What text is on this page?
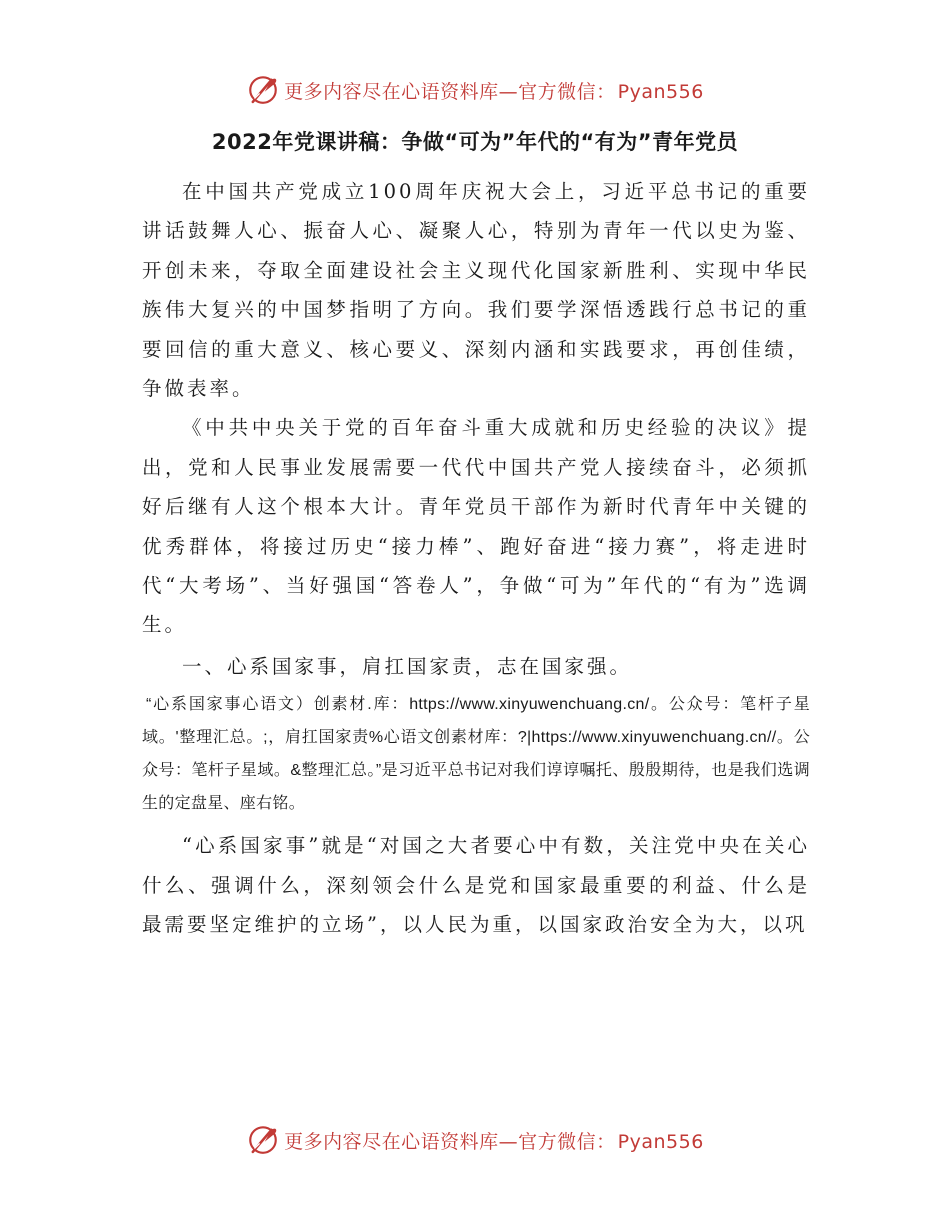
更多内容尽在心语资料库—官方微信： Pyan556
2022年党课讲稿：争做“可为”年代的“有为”青年党员

在中国共产党成立100周年庆祝大会上，习近平总书记的重要讲话鼓舞人心、振奋人心、凝聚人心，特别为青年一代以史为鉴、开创未来，夺取全面建设社会主义现代化国家新胜利、实现中华民族伟大复兴的中国梦指明了方向。我们要学深悟透践行总书记的重要回信的重大意义、核心要义、深刻内涵和实践要求，再创佳绩，争做表率。

《中共中央关于党的百年奋斗重大成就和历史经验的决议》提出，党和人民事业发展需要一代代中国共产党人接续奋斗，必须抓好后继有人这个根本大计。青年党员干部作为新时代青年中关键的优秀群体，将接过历史“接力棒”、跑好奋进“接力赛”，将走进时代“大考场”、当好强国“答卷人”，争做“可为”年代的“有为”选调生。

一、心系国家事，肩扛国家责，志在国家强。

“心系国家事心语文）创素材.库：https://www.xinyuwenchuang.cn/。公众号：笔杆子星域。'整理汇总。;，肩扛国家责%心语文创素材库：?|https://www.xinyuwenchuang.cn//。公众号：笔杆子星域。&整理汇总。”是习近平总书记对我们谆谆嘱托、殷殷期待，也是我们选调生的定盘星、座右铭。

“心系国家事”就是“对国之大者要心中有数，关注党中央在关心什么、强调什么，深刻领会什么是党和国家最重要的利益、什么是最需要坚定维护的立场”，以人民为重，以国家政治安全为大，以巩

更多内容尽在心语资料库—官方微信： Pyan556
